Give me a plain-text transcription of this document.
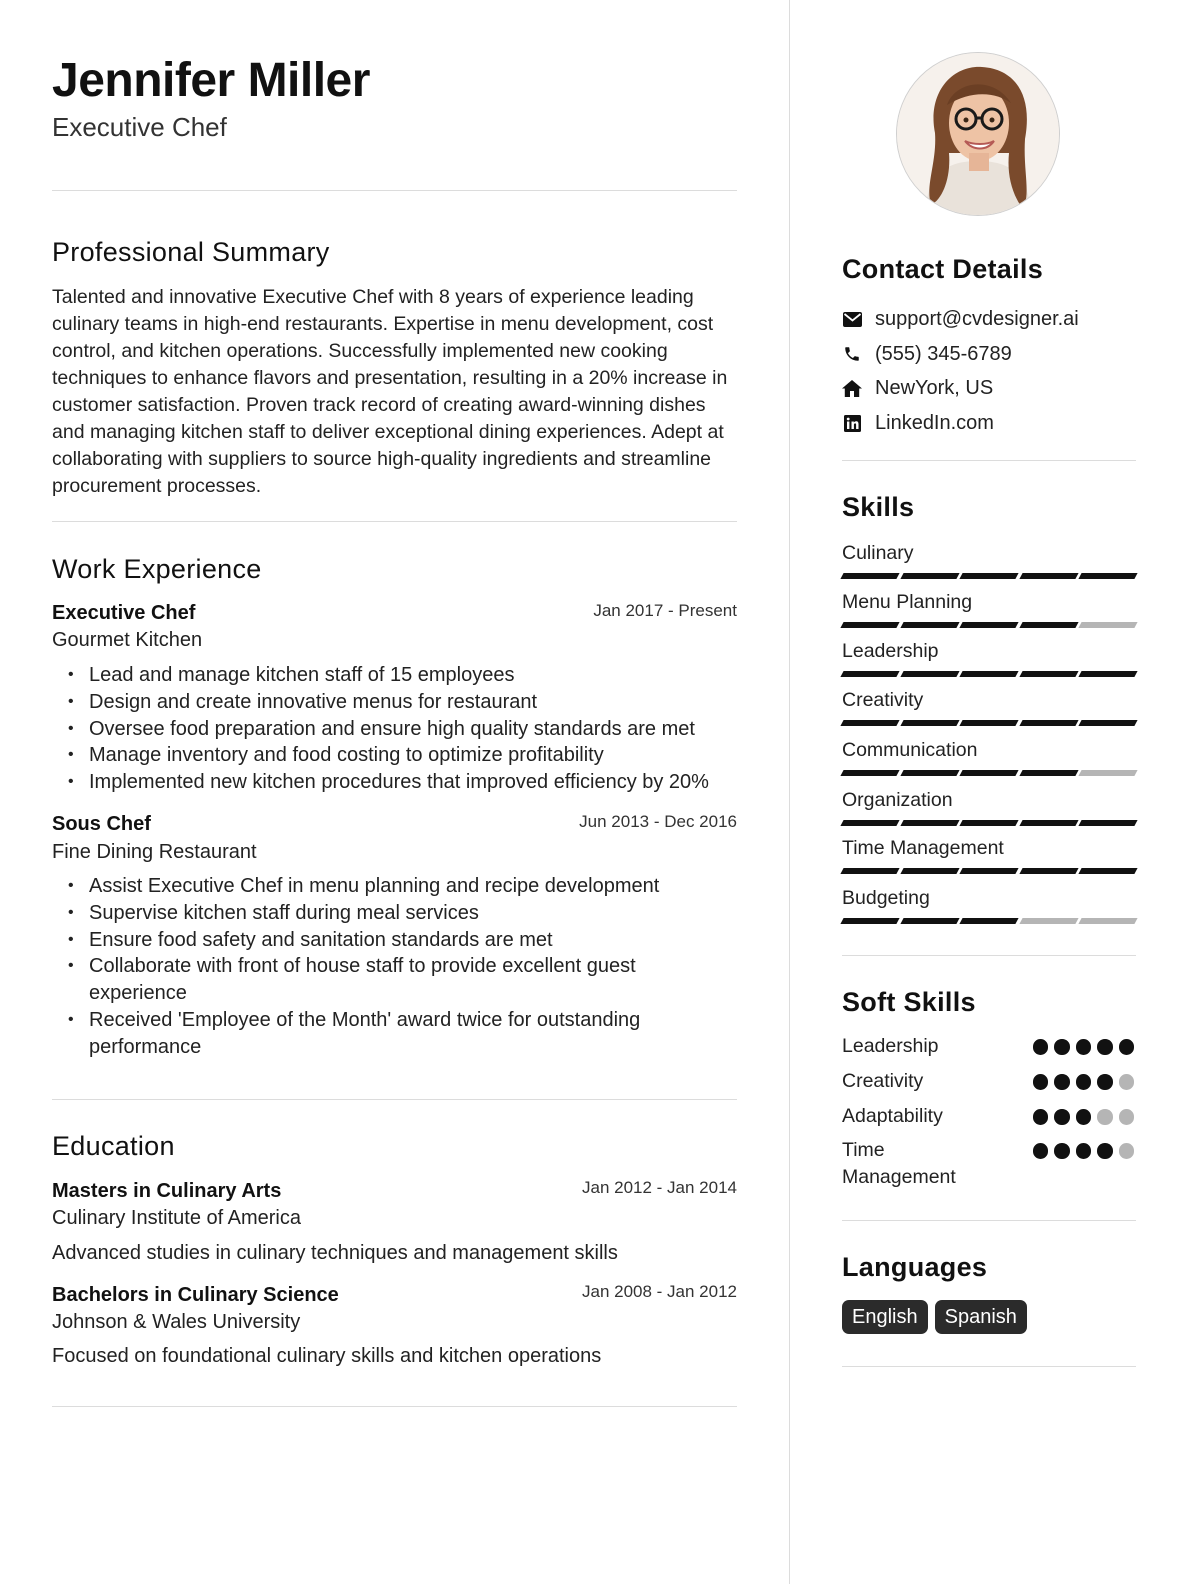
Jennifer Miller
Executive Chef
Professional Summary

Talented and innovative Executive Chef with 8 years of experience leading culinary teams in high-end restaurants. Expertise in menu development, cost control, and kitchen operations. Successfully implemented new cooking techniques to enhance flavors and presentation, resulting in a 20% increase in customer satisfaction. Proven track record of creating award-winning dishes and managing kitchen staff to deliver exceptional dining experiences. Adept at collaborating with suppliers to source high-quality ingredients and streamline procurement processes.

Work Experience
Executive Chef	Jan 2017 - Present
Gourmet Kitchen
• Lead and manage kitchen staff of 15 employees
• Design and create innovative menus for restaurant
• Oversee food preparation and ensure high quality standards are met
• Manage inventory and food costing to optimize profitability
• Implemented new kitchen procedures that improved efficiency by 20%
Sous Chef	Jun 2013 - Dec 2016
Fine Dining Restaurant
• Assist Executive Chef in menu planning and recipe development
• Supervise kitchen staff during meal services
• Ensure food safety and sanitation standards are met
• Collaborate with front of house staff to provide excellent guest experience
• Received 'Employee of the Month' award twice for outstanding performance
Education
Masters in Culinary Arts	Jan 2012 - Jan 2014
Culinary Institute of America
Advanced studies in culinary techniques and management skills
Bachelors in Culinary Science	Jan 2008 - Jan 2012
Johnson & Wales University
Focused on foundational culinary skills and kitchen operations
Contact Details
support@cvdesigner.ai
(555) 345-6789
NewYork, US
LinkedIn.com
Skills
Culinary
Menu Planning
Leadership
Creativity
Communication
Organization
Time Management
Budgeting
Soft Skills
Leadership
Creativity
Adaptability
Time Management
Languages
English	Spanish
